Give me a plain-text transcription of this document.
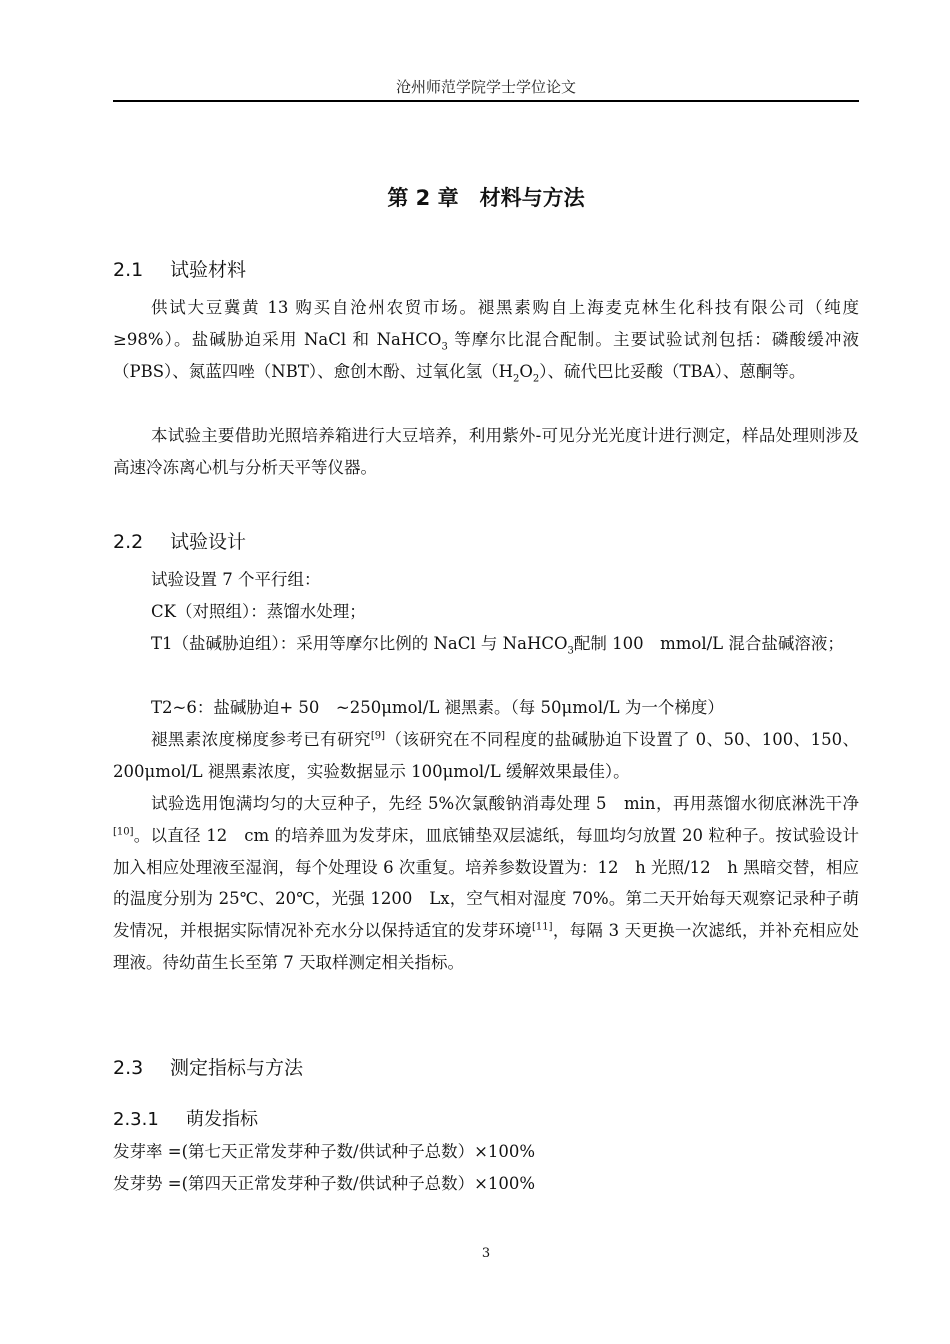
沧州师范学院学士学位论文
第 2 章　材料与方法
2.1 试验材料
供试大豆冀黄 13 购买自沧州农贸市场。褪黑素购自上海麦克林生化科技有限公司（纯度≥98%）。盐碱胁迫采用 NaCl 和 NaHCO$_3$ 等摩尔比混合配制。主要试验试剂包括：磷酸缓冲液（PBS）、氮蓝四唑（NBT）、愈创木酚、过氧化氢$(H_2O_2)$、硫代巴比妥酸（TBA）、蒽酮等。
本试验主要借助光照培养箱进行大豆培养，利用紫外-可见分光光度计进行测定，样品处理则涉及高速冷冻离心机与分析天平等仪器。
2.2 试验设计
试验设置 7 个平行组：
CK（对照组）：蒸馏水处理；
T1（盐碱胁迫组）：采用等摩尔比例的 NaCl 与 NaHCO$_3$配制 100　mmol/L 混合盐碱溶液；
T2~6：盐碱胁迫+ 50　~250μmol/L 褪黑素。（每 50μmol/L 为一个梯度）
褪黑素浓度梯度参考已有研究[9]（该研究在不同程度的盐碱胁迫下设置了 0、50、100、150、200μmol/L 褪黑素浓度，实验数据显示 100μmol/L 缓解效果最佳）。
试验选用饱满均匀的大豆种子，先经 5%次氯酸钠消毒处理 5　min，再用蒸馏水彻底淋洗干净[10]。以直径 12　cm 的培养皿为发芽床，皿底铺垫双层滤纸，每皿均匀放置 20 粒种子。按试验设计加入相应处理液至湿润，每个处理设 6 次重复。培养参数设置为：12　h 光照/12　h 黑暗交替，相应的温度分别为 25℃、20℃，光强 1200　Lx，空气相对湿度 70%。第二天开始每天观察记录种子萌发情况，并根据实际情况补充水分以保持适宜的发芽环境[11]，每隔 3 天更换一次滤纸，并补充相应处理液。待幼苗生长至第 7 天取样测定相关指标。
2.3 测定指标与方法
2.3.1 萌发指标
发芽率 =(第七天正常发芽种子数/供试种子总数）×100%
发芽势 =(第四天正常发芽种子数/供试种子总数）×100%
3
